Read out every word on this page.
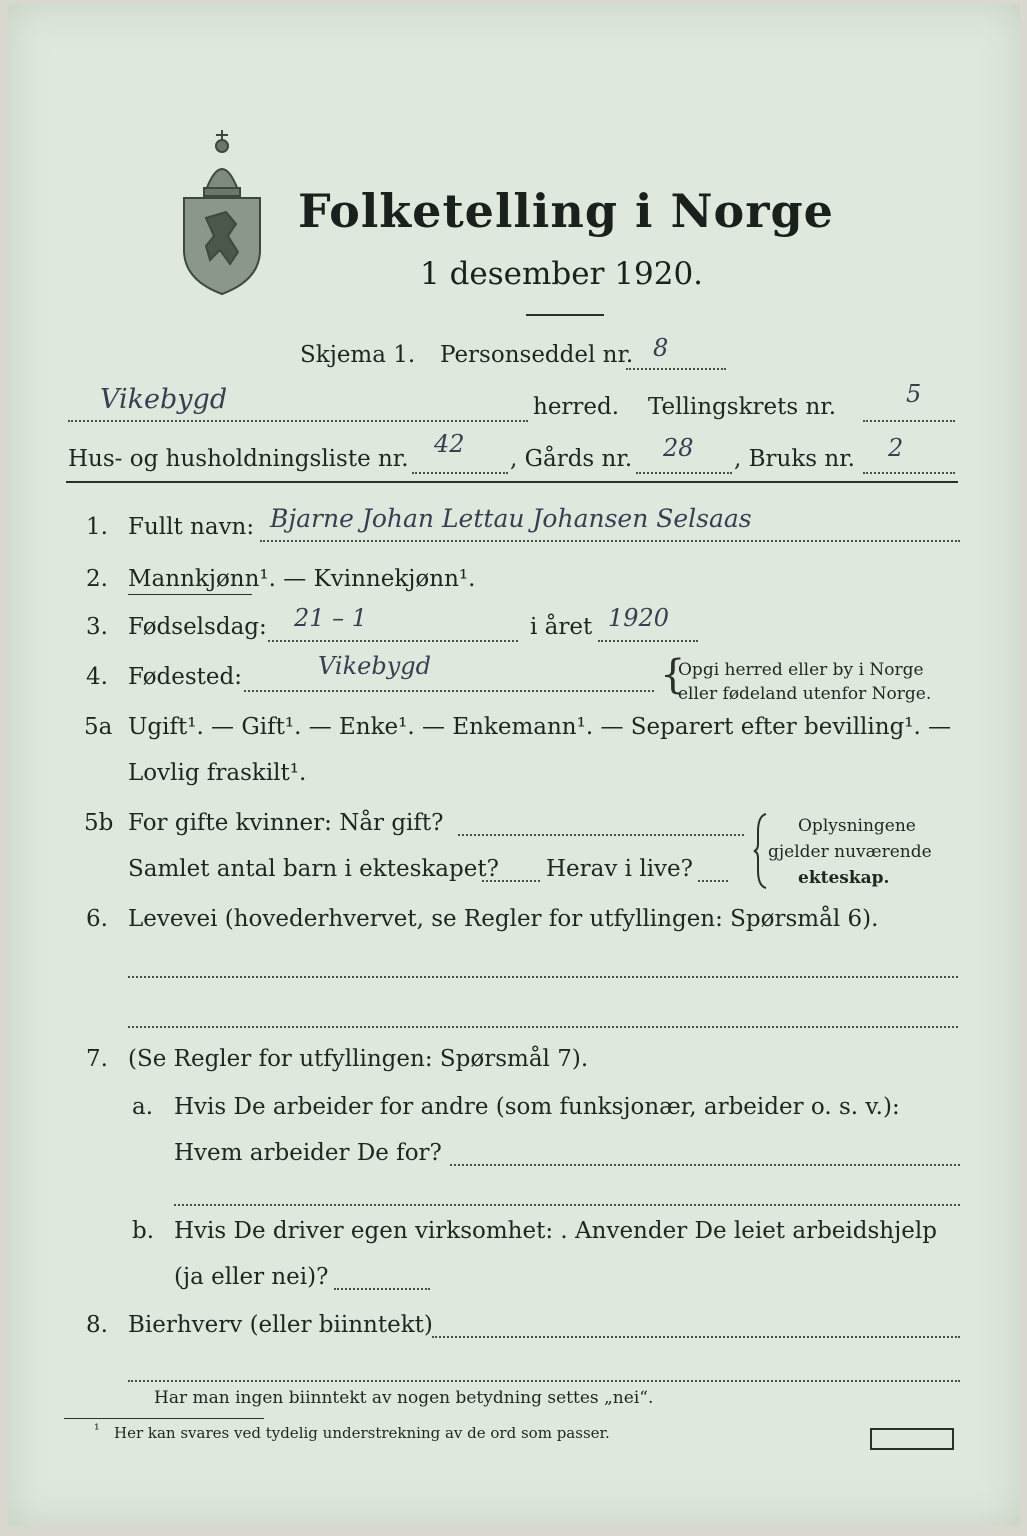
Folketelling i Norge
1 desember 1920.
Skjema 1. Personseddel nr. 8
Vikebygd	herred. Tellingskrets nr.	5
Hus- og husholdningsliste nr.
42
, Gårds nr. 28 , Bruks nr. 2
1. Fullt navn: Bjarne Johan Lettau Johansen Selsaas
2. Mannkjønn¹. — Kvinnekjønn¹.
3. Fødselsdag: 21 – 1	i året 1920
4. Fødested:	Vikebygd	{
Opgi herred eller by i Norge
eller fødeland utenfor Norge.
5a Ugift¹. — Gift¹. — Enke¹. — Enkemann¹. — Separert efter bevilling¹. —
Lovlig fraskilt¹.
5b For gifte kvinner: Når gift?
Samlet antal barn i ekteskapet? Herav i live?
Oplysningene
gjelder nuværende
ekteskap.
6. Levevei (hovederhvervet, se Regler for utfyllingen: Spørsmål 6).
7. (Se Regler for utfyllingen: Spørsmål 7).
a. Hvis De arbeider for andre (som funksjonær, arbeider o. s. v.):
Hvem arbeider De for?
b. Hvis De driver egen virksomhet: . Anvender De leiet arbeidshjelp
(ja eller nei)?
8. Bierhverv (eller biinntekt)
Har man ingen biinntekt av nogen betydning settes „nei“.
¹ Her kan svares ved tydelig understrekning av de ord som passer.
